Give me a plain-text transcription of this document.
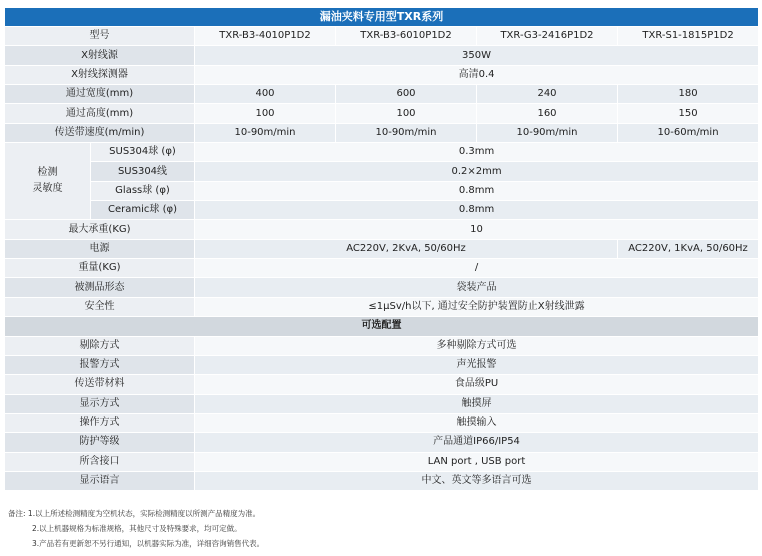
漏油夹料专用型TXR系列					
型号		TXR-B3-4010P1D2	TXR-B3-6010P1D2	TXR-G3-2416P1D2	TXR-S1-1815P1D2
X射线源		350W			
X射线探测器		高清0.4			
通过宽度(mm)		400	600	240	180
通过高度(mm)		100	100	160	150
传送带速度(m/min)		10-90m/min	10-90m/min	10-90m/min	10-60m/min
检测
灵敏度	SUS304球 (φ)	0.3mm			
	SUS304线	0.2×2mm			
	Glass球 (φ)	0.8mm			
	Ceramic球 (φ)	0.8mm			
最大承重(KG)		10			
电源		AC220V, 2KvA, 50/60Hz			AC220V, 1KvA, 50/60Hz
重量(KG)		/			
被测品形态		袋装产品			
安全性		≤1μSv/h以下, 通过安全防护装置防止X射线泄露			
可选配置					
剔除方式		多种剔除方式可选			
报警方式		声光报警			
传送带材料		食品级PU			
显示方式		触摸屏			
操作方式		触摸输入			
防护等级		产品通道IP66/IP54			
所含接口		LAN port , USB port			
显示语言		中文、英文等多语言可选			
备注: 1.以上所述检测精度为空机状态，实际检测精度以所测产品精度为准。
2.以上机器规格为标准规格，其他尺寸及特殊要求，均可定做。
3.产品若有更新恕不另行通知，以机器实际为准，详细咨询销售代表。
